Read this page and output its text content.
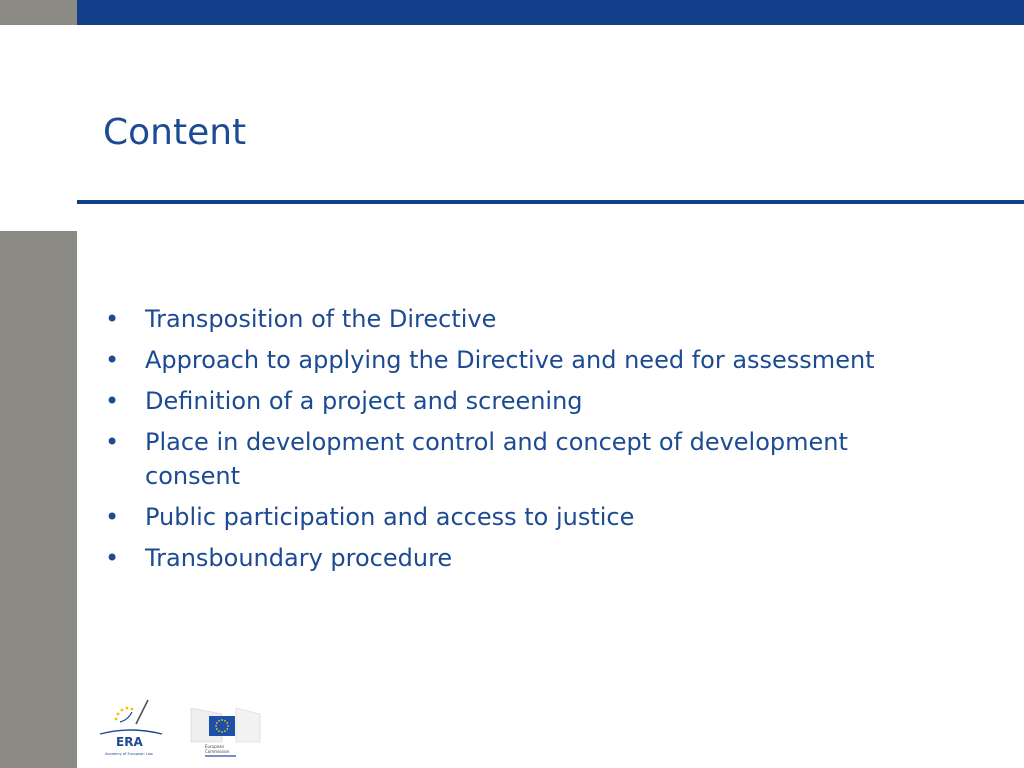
Content
• Transposition of the Directive
• Approach to applying the Directive and need for assessment
• Definition of a project and screening
• Place in development control and concept of development consent
• Public participation and access to justice
• Transboundary procedure
ERA
Academy of European Law
European
Commission
